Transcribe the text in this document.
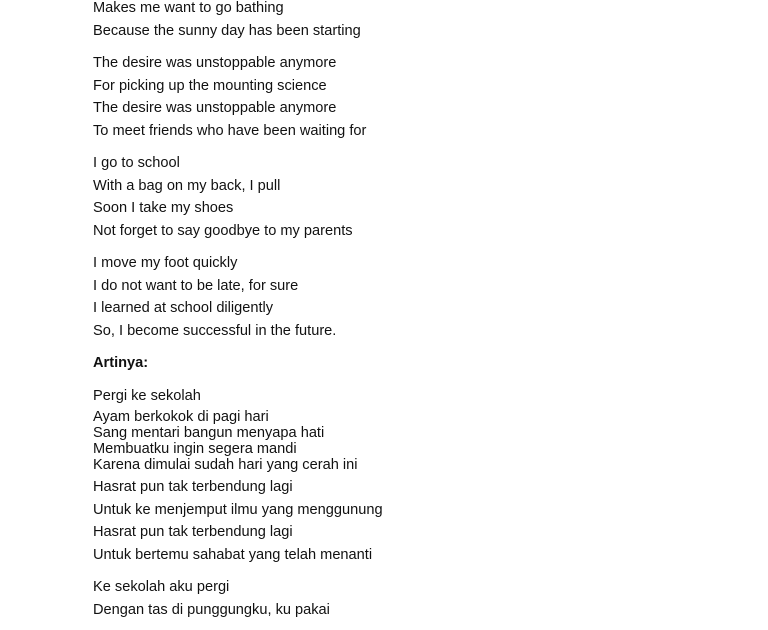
Makes me want to go bathing
Because the sunny day has been starting
The desire was unstoppable anymore
For picking up the mounting science
The desire was unstoppable anymore
To meet friends who have been waiting for
I go to school
With a bag on my back, I pull
Soon I take my shoes
Not forget to say goodbye to my parents
I move my foot quickly
I do not want to be late, for sure
I learned at school diligently
So, I become successful in the future.
Artinya:
Pergi ke sekolah
Ayam berkokok di pagi hari
Sang mentari bangun menyapa hati
Membuatku ingin segera mandi
Karena dimulai sudah hari yang cerah ini
Hasrat pun tak terbendung lagi
Untuk ke menjemput ilmu yang menggunung
Hasrat pun tak terbendung lagi
Untuk bertemu sahabat yang telah menanti
Ke sekolah aku pergi
Dengan tas di punggungku, ku pakai
